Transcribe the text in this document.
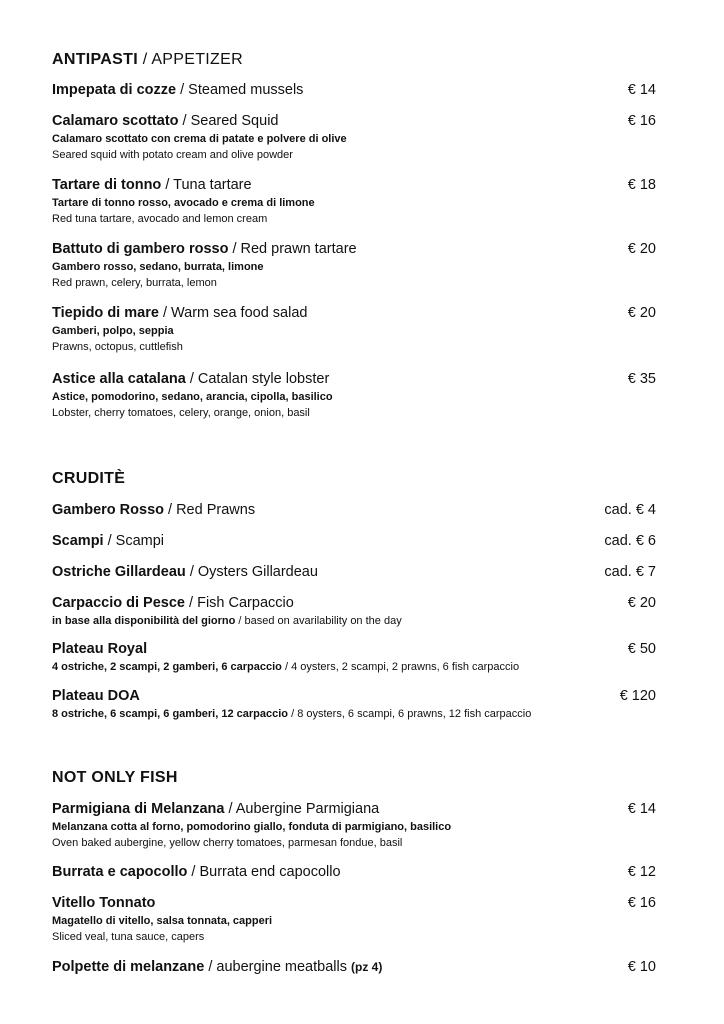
ANTIPASTI / APPETIZER
Impepata di cozze / Steamed mussels	€ 14
Calamaro scottato / Seared Squid	€ 16
Calamaro scottato con crema di patate e polvere di olive
Seared squid with potato cream and olive powder
Tartare di tonno / Tuna tartare	€ 18
Tartare di tonno rosso, avocado e crema di limone
Red tuna tartare, avocado and lemon cream
Battuto di gambero rosso / Red prawn tartare	€ 20
Gambero rosso, sedano, burrata, limone
Red prawn, celery, burrata, lemon
Tiepido di mare / Warm sea food salad	€ 20
Gamberi, polpo, seppia
Prawns, octopus, cuttlefish
Astice alla catalana / Catalan style lobster	€ 35
Astice, pomodorino, sedano, arancia, cipolla, basilico
Lobster, cherry tomatoes, celery, orange, onion, basil
CRUDITÈ
Gambero Rosso / Red Prawns	cad. € 4
Scampi / Scampi	cad. € 6
Ostriche Gillardeau / Oysters Gillardeau	cad. € 7
Carpaccio di Pesce / Fish Carpaccio	€ 20
in base alla disponibilità del giorno / based on avarilability on the day
Plateau Royal	€ 50
4 ostriche, 2 scampi, 2 gamberi, 6 carpaccio / 4 oysters, 2 scampi, 2 prawns, 6 fish carpaccio
Plateau DOA	€ 120
8 ostriche, 6 scampi, 6 gamberi, 12 carpaccio / 8 oysters, 6 scampi, 6 prawns, 12 fish carpaccio
NOT ONLY FISH
Parmigiana di Melanzana / Aubergine Parmigiana	€ 14
Melanzana cotta al forno, pomodorino giallo, fonduta di parmigiano, basilico
Oven baked aubergine, yellow cherry tomatoes, parmesan fondue, basil
Burrata e capocollo / Burrata end capocollo	€ 12
Vitello Tonnato	€ 16
Magatello di vitello, salsa tonnata, capperi
Sliced veal, tuna sauce, capers
Polpette di melanzane / aubergine meatballs (pz 4)	€ 10
